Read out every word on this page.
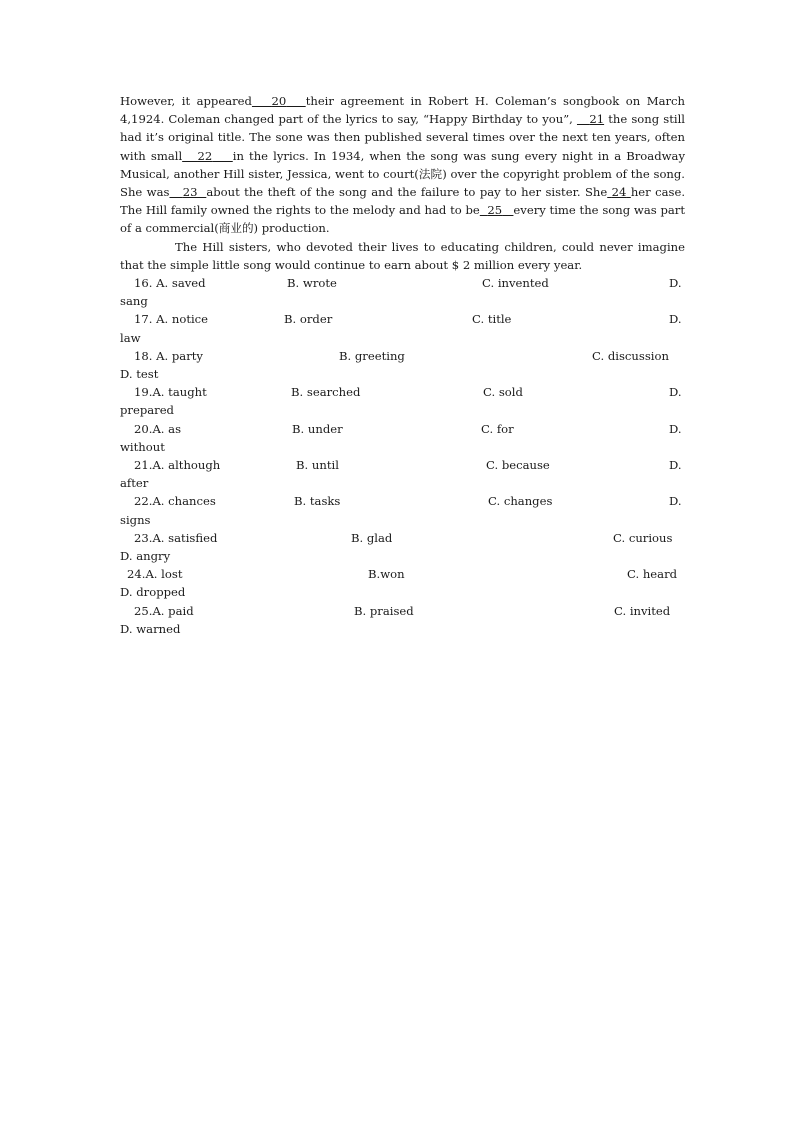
However, it appeared 20 their agreement in Robert H. Coleman’s songbook on March 4,1924. Coleman changed part of the lyrics to say, “Happy Birthday to you”, 21 the song still had it’s original title. The sone was then published several times over the next ten years, often with small 22 in the lyrics. In 1934, when the song was sung every night in a Broadway Musical, another Hill sister, Jessica, went to court(法院) over the copyright problem of the song. She was 23 about the theft of the song and the failure to pay to her sister. She 24 her case. The Hill family owned the rights to the melody and had to be 25 every time the song was part of a commercial(商业的) production.
The Hill sisters, who devoted their lives to educating children, could never imagine that the simple little song would continue to earn about $ 2 million every year.
16. A. saved	B. wrote	C. invented	D.
sang
17. A. notice	B. order	C. title	D.
law
18. A. party	B. greeting	C. discussion
D. test
19.A. taught	B. searched	C. sold	D.
prepared
20.A. as	B. under	C. for	D.
without
21.A. although	B. until	C. because	D.
after
22.A. chances	B. tasks	C. changes	D.
signs
23.A. satisfied	B. glad	C. curious
D. angry
24.A. lost	B.won	C. heard
D. dropped
25.A. paid	B. praised	C. invited
D. warned
